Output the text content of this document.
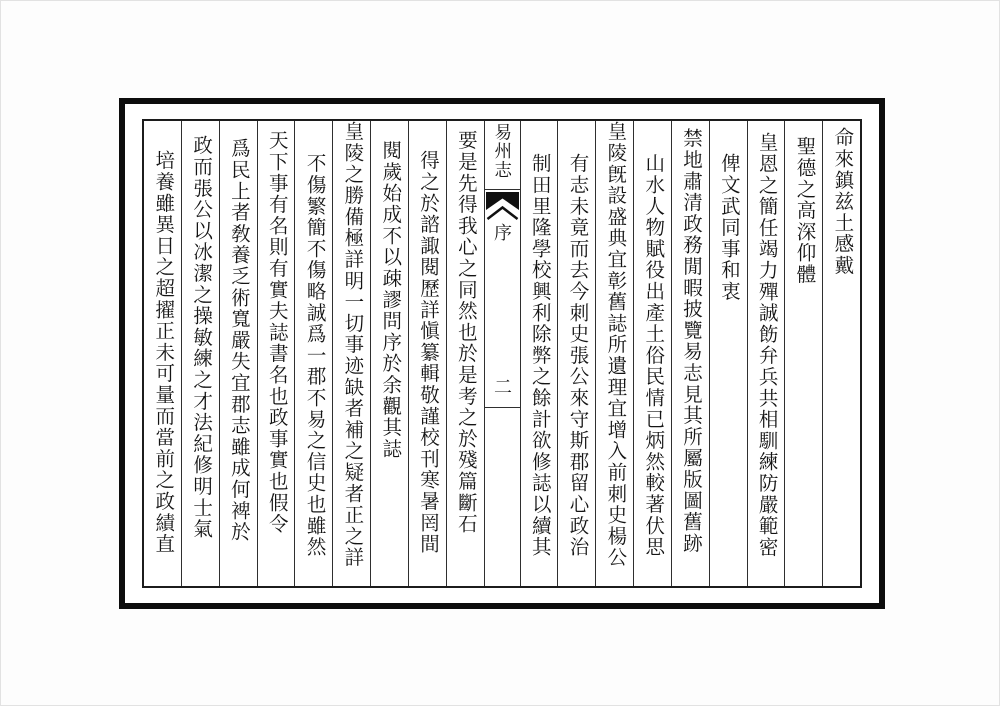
命來鎮兹土感戴
聖德之高深仰體
皇恩之簡任竭力殫誠飭弁兵共相馴練防嚴範密
俾文武同事和衷
禁地肅清政務閒暇披覽易志見其所屬版圖舊跡
山水人物賦役出產土俗民情已炳然較著伏思
皇陵旣設盛典宜彰舊誌所遺理宜增入前刺史楊公
有志未竟而去今刺史張公來守斯郡留心政治
制田里隆學校興利除弊之餘計欲修誌以續其
易州志
序
二
要是先得我心之同然也於是考之於殘篇斷石
得之於諮諏閱歷詳愼纂輯敬謹校刊寒暑罔間
閱歲始成不以疎謬問序於余觀其誌
皇陵之勝備極詳明一切事迹缺者補之疑者正之詳
不傷繁簡不傷略誠爲一郡不易之信史也雖然
天下事有名則有實夫誌書名也政事實也假令
爲民上者敎養乏術寬嚴失宜郡志雖成何裨於
政而張公以冰潔之操敏練之才法紀修明士氣
培養雖異日之超擢正未可量而當前之政績直
